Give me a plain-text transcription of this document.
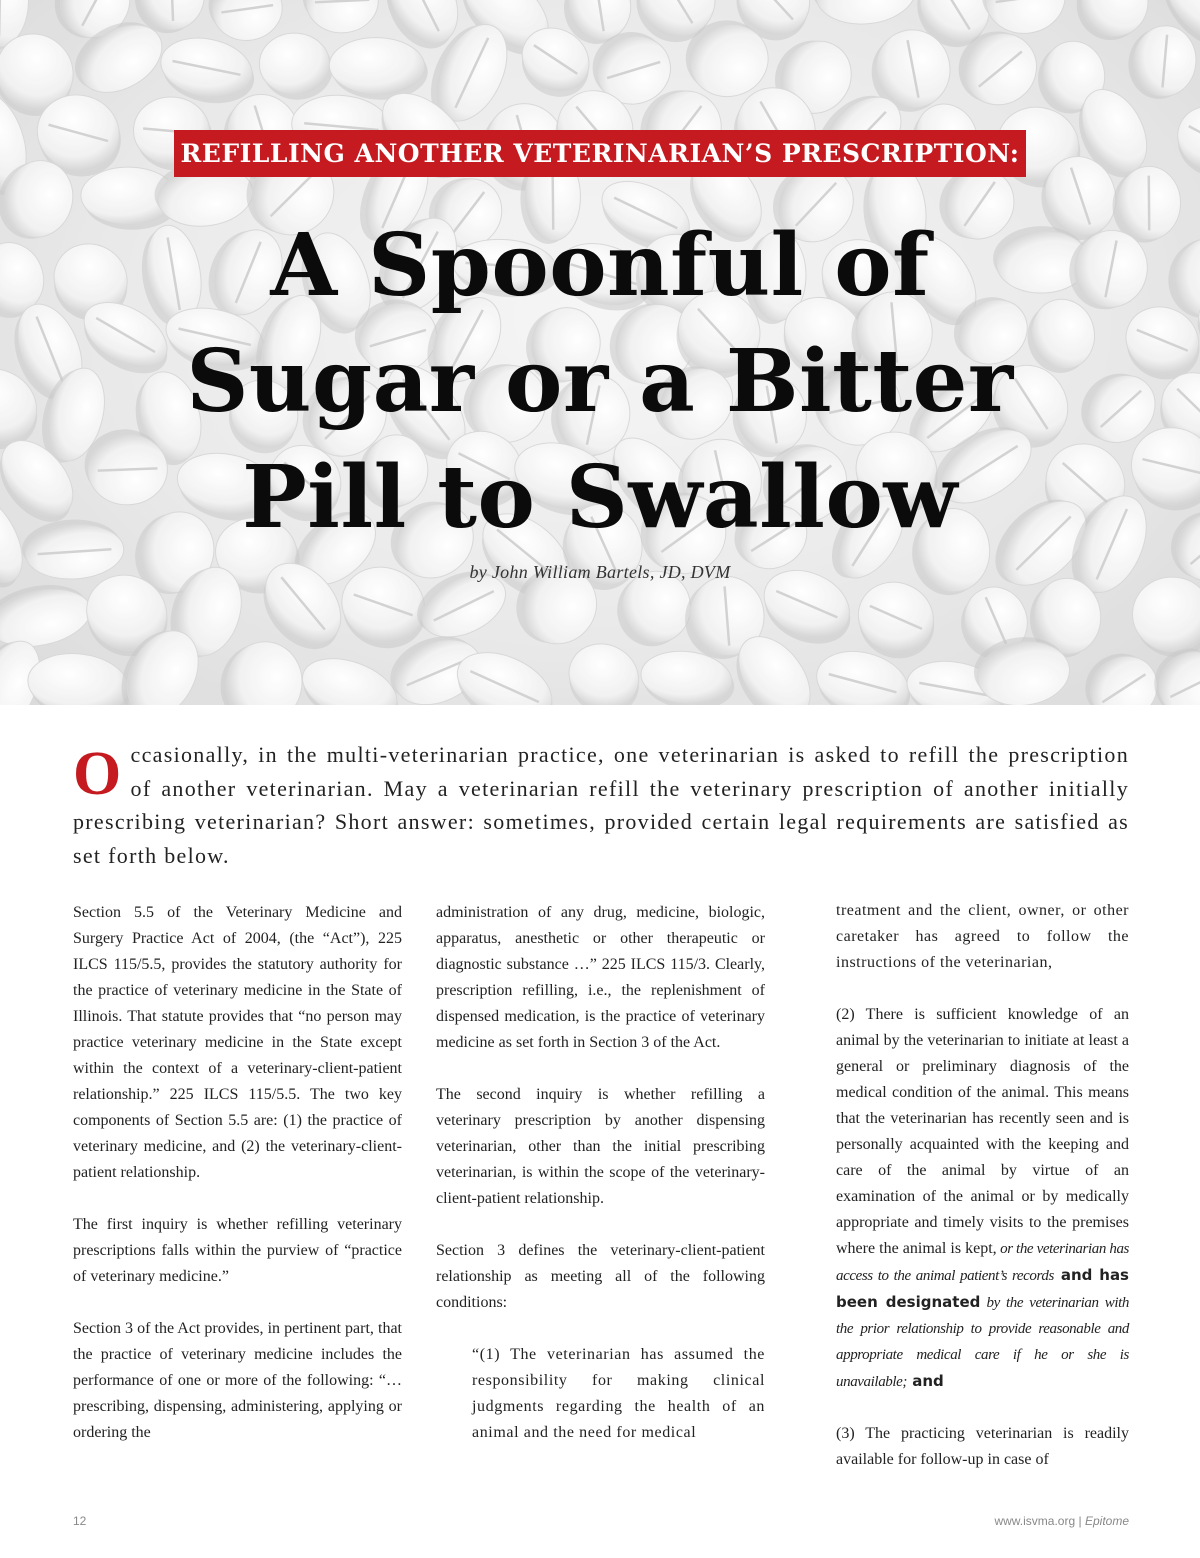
REFILLING ANOTHER VETERINARIAN’S PRESCRIPTION:
A Spoonful of
Sugar or a Bitter
Pill to Swallow
by John William Bartels, JD, DVM
Occasionally, in the multi-veterinarian practice, one veterinarian is asked to refill the prescription of another veterinarian. May a veterinarian refill the veterinary prescription of another initially prescribing veterinarian? Short answer: sometimes, provided certain legal requirements are satisfied as set forth below.

Section 5.5 of the Veterinary Medicine and Surgery Practice Act of 2004, (the “Act”), 225 ILCS 115/5.5, provides the statutory authority for the practice of veterinary medicine in the State of Illinois. That statute provides that “no person may practice veterinary medicine in the State except within the context of a veterinary-client-patient relationship.” 225 ILCS 115/5.5. The two key components of Section 5.5 are: (1) the practice of veterinary medicine, and (2) the veterinary-client-patient relationship.

The first inquiry is whether refilling veterinary prescriptions falls within the purview of “practice of veterinary medicine.”

Section 3 of the Act provides, in pertinent part, that the practice of veterinary medicine includes the performance of one or more of the following: “…prescribing, dispensing, administering, applying or ordering the

administration of any drug, medicine, biologic, apparatus, anesthetic or other therapeutic or diagnostic substance …” 225 ILCS 115/3. Clearly, prescription refilling, i.e., the replenishment of dispensed medication, is the practice of veterinary medicine as set forth in Section 3 of the Act.

The second inquiry is whether refilling a veterinary prescription by another dispensing veterinarian, other than the initial prescribing veterinarian, is within the scope of the veterinary-client-patient relationship.

Section 3 defines the veterinary-client-patient relationship as meeting all of the following conditions:

“(1) The veterinarian has assumed the responsibility for making clinical judgments regarding the health of an animal and the need for medical

treatment and the client, owner, or other caretaker has agreed to follow the instructions of the veterinarian,

(2) There is sufficient knowledge of an animal by the veterinarian to initiate at least a general or preliminary diagnosis of the medical condition of the animal. This means that the veterinarian has recently seen and is personally acquainted with the keeping and care of the animal by virtue of an examination of the animal or by medically appropriate and timely visits to the premises where the animal is kept, or the veterinarian has access to the animal patient’s records and has been designated by the veterinarian with the prior relationship to provide reasonable and appropriate medical care if he or she is unavailable; and

(3) The practicing veterinarian is readily available for follow-up in case of

12	www.isvma.org | Epitome
